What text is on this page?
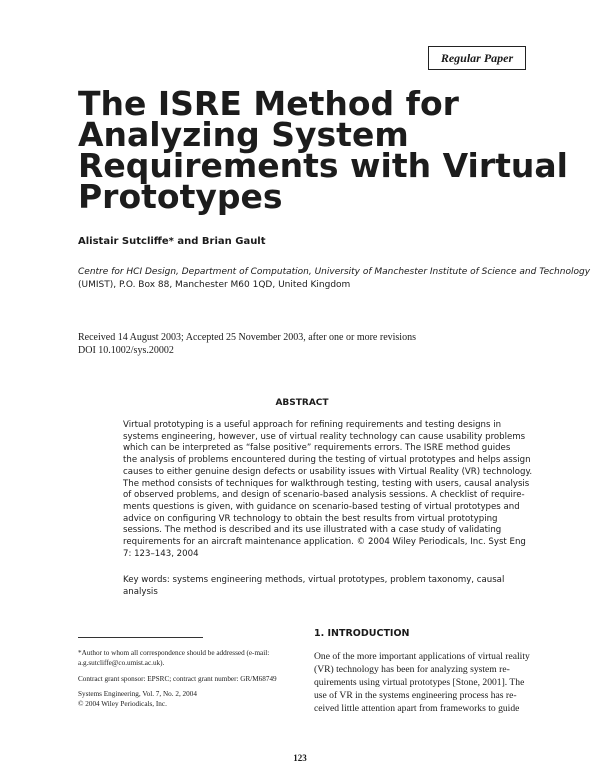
Regular Paper
The ISRE Method for
Analyzing System
Requirements with Virtual
Prototypes
Alistair Sutcliffe* and Brian Gault
Centre for HCI Design, Department of Computation, University of Manchester Institute of Science and Technology
(UMIST), P.O. Box 88, Manchester M60 1QD, United Kingdom
Received 14 August 2003; Accepted 25 November 2003, after one or more revisions
DOI 10.1002/sys.20002
ABSTRACT
Virtual prototyping is a useful approach for refining requirements and testing designs in
systems engineering, however, use of virtual reality technology can cause usability problems
which can be interpreted as “false positive” requirements errors. The ISRE method guides
the analysis of problems encountered during the testing of virtual prototypes and helps assign
causes to either genuine design defects or usability issues with Virtual Reality (VR) technology.
The method consists of techniques for walkthrough testing, testing with users, causal analysis
of observed problems, and design of scenario-based analysis sessions. A checklist of require-
ments questions is given, with guidance on scenario-based testing of virtual prototypes and
advice on configuring VR technology to obtain the best results from virtual prototyping
sessions. The method is described and its use illustrated with a case study of validating
requirements for an aircraft maintenance application. © 2004 Wiley Periodicals, Inc. Syst Eng
7: 123–143, 2004
Key words: systems engineering methods, virtual prototypes, problem taxonomy, causal
analysis
*Author to whom all correspondence should be addressed (e-mail:
a.g.sutcliffe@co.umist.ac.uk).
Contract grant sponsor: EPSRC; contract grant number: GR/M68749
Systems Engineering, Vol. 7, No. 2, 2004
© 2004 Wiley Periodicals, Inc.
1. INTRODUCTION
One of the more important applications of virtual reality
(VR) technology has been for analyzing system re-
quirements using virtual prototypes [Stone, 2001]. The
use of VR in the systems engineering process has re-
ceived little attention apart from frameworks to guide
123
